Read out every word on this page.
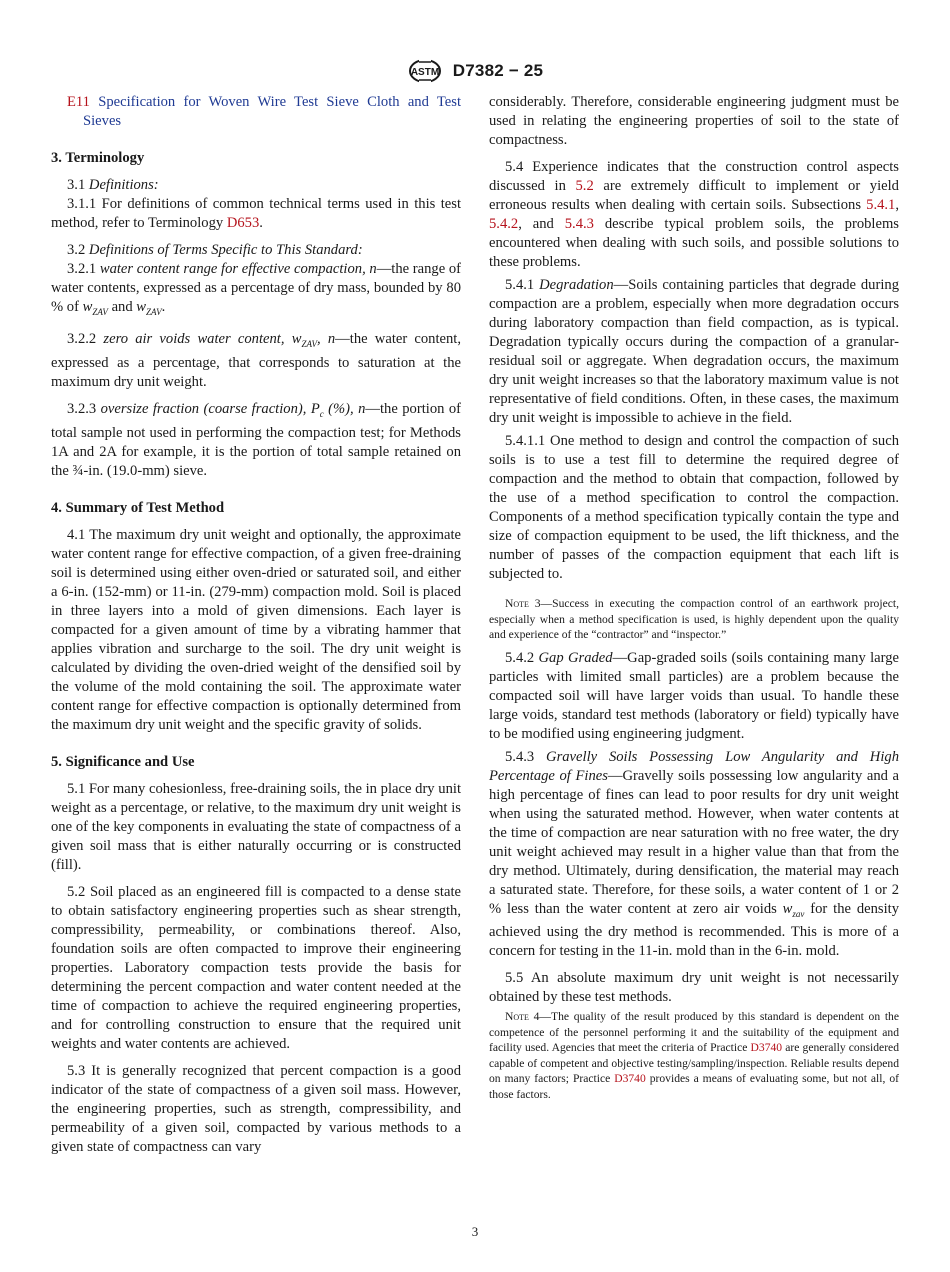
ASTM D7382 − 25

E11 Specification for Woven Wire Test Sieve Cloth and Test Sieves

3. Terminology

3.1 Definitions:

3.1.1 For definitions of common technical terms used in this test method, refer to Terminology D653.

3.2 Definitions of Terms Specific to This Standard:

3.2.1 water content range for effective compaction, n—the range of water contents, expressed as a percentage of dry mass, bounded by 80 % of $w_{ZAV}$ and $w_{ZAV}$.

3.2.2 zero air voids water content, $w_{ZAV}$, n—the water content, expressed as a percentage, that corresponds to saturation at the maximum dry unit weight.

3.2.3 oversize fraction (coarse fraction), $P_c$ (%), n—the portion of total sample not used in performing the compaction test; for Methods 1A and 2A for example, it is the portion of total sample retained on the ¾-in. (19.0-mm) sieve.

4. Summary of Test Method

4.1 The maximum dry unit weight and optionally, the approximate water content range for effective compaction, of a given free-draining soil is determined using either oven-dried or saturated soil, and either a 6-in. (152-mm) or 11-in. (279-mm) compaction mold. Soil is placed in three layers into a mold of given dimensions. Each layer is compacted for a given amount of time by a vibrating hammer that applies vibration and surcharge to the soil. The dry unit weight is calculated by dividing the oven-dried weight of the densified soil by the volume of the mold containing the soil. The approximate water content range for effective compaction is optionally determined from the maximum dry unit weight and the specific gravity of solids.

5. Significance and Use

5.1 For many cohesionless, free-draining soils, the in place dry unit weight as a percentage, or relative, to the maximum dry unit weight is one of the key components in evaluating the state of compactness of a given soil mass that is either naturally occurring or is constructed (fill).

5.2 Soil placed as an engineered fill is compacted to a dense state to obtain satisfactory engineering properties such as shear strength, compressibility, permeability, or combinations thereof. Also, foundation soils are often compacted to improve their engineering properties. Laboratory compaction tests provide the basis for determining the percent compaction and water content needed at the time of compaction to achieve the required engineering properties, and for controlling construction to ensure that the required unit weights and water contents are achieved.

5.3 It is generally recognized that percent compaction is a good indicator of the state of compactness of a given soil mass. However, the engineering properties, such as strength, compressibility, and permeability of a given soil, compacted by various methods to a given state of compactness can vary

considerably. Therefore, considerable engineering judgment must be used in relating the engineering properties of soil to the state of compactness.

5.4 Experience indicates that the construction control aspects discussed in 5.2 are extremely difficult to implement or yield erroneous results when dealing with certain soils. Subsections 5.4.1, 5.4.2, and 5.4.3 describe typical problem soils, the problems encountered when dealing with such soils, and possible solutions to these problems.

5.4.1 Degradation—Soils containing particles that degrade during compaction are a problem, especially when more degradation occurs during laboratory compaction than field compaction, as is typical. Degradation typically occurs during the compaction of a granular-residual soil or aggregate. When degradation occurs, the maximum dry unit weight increases so that the laboratory maximum value is not representative of field conditions. Often, in these cases, the maximum dry unit weight is impossible to achieve in the field.

5.4.1.1 One method to design and control the compaction of such soils is to use a test fill to determine the required degree of compaction and the method to obtain that compaction, followed by the use of a method specification to control the compaction. Components of a method specification typically contain the type and size of compaction equipment to be used, the lift thickness, and the number of passes of the compaction equipment that each lift is subjected to.

Note 3—Success in executing the compaction control of an earthwork project, especially when a method specification is used, is highly dependent upon the quality and experience of the “contractor” and “inspector.”

5.4.2 Gap Graded—Gap-graded soils (soils containing many large particles with limited small particles) are a problem because the compacted soil will have larger voids than usual. To handle these large voids, standard test methods (laboratory or field) typically have to be modified using engineering judgment.

5.4.3 Gravelly Soils Possessing Low Angularity and High Percentage of Fines—Gravelly soils possessing low angularity and a high percentage of fines can lead to poor results for dry unit weight when using the saturated method. However, when water contents at the time of compaction are near saturation with no free water, the dry unit weight achieved may result in a higher value than that from the dry method. Ultimately, during densification, the material may reach a saturated state. Therefore, for these soils, a water content of 1 or 2 % less than the water content at zero air voids $w_{zav}$ for the density achieved using the dry method is recommended. This is more of a concern for testing in the 11-in. mold than in the 6-in. mold.

5.5 An absolute maximum dry unit weight is not necessarily obtained by these test methods.

Note 4—The quality of the result produced by this standard is dependent on the competence of the personnel performing it and the suitability of the equipment and facility used. Agencies that meet the criteria of Practice D3740 are generally considered capable of competent and objective testing/sampling/inspection. Reliable results depend on many factors; Practice D3740 provides a means of evaluating some, but not all, of those factors.

3
